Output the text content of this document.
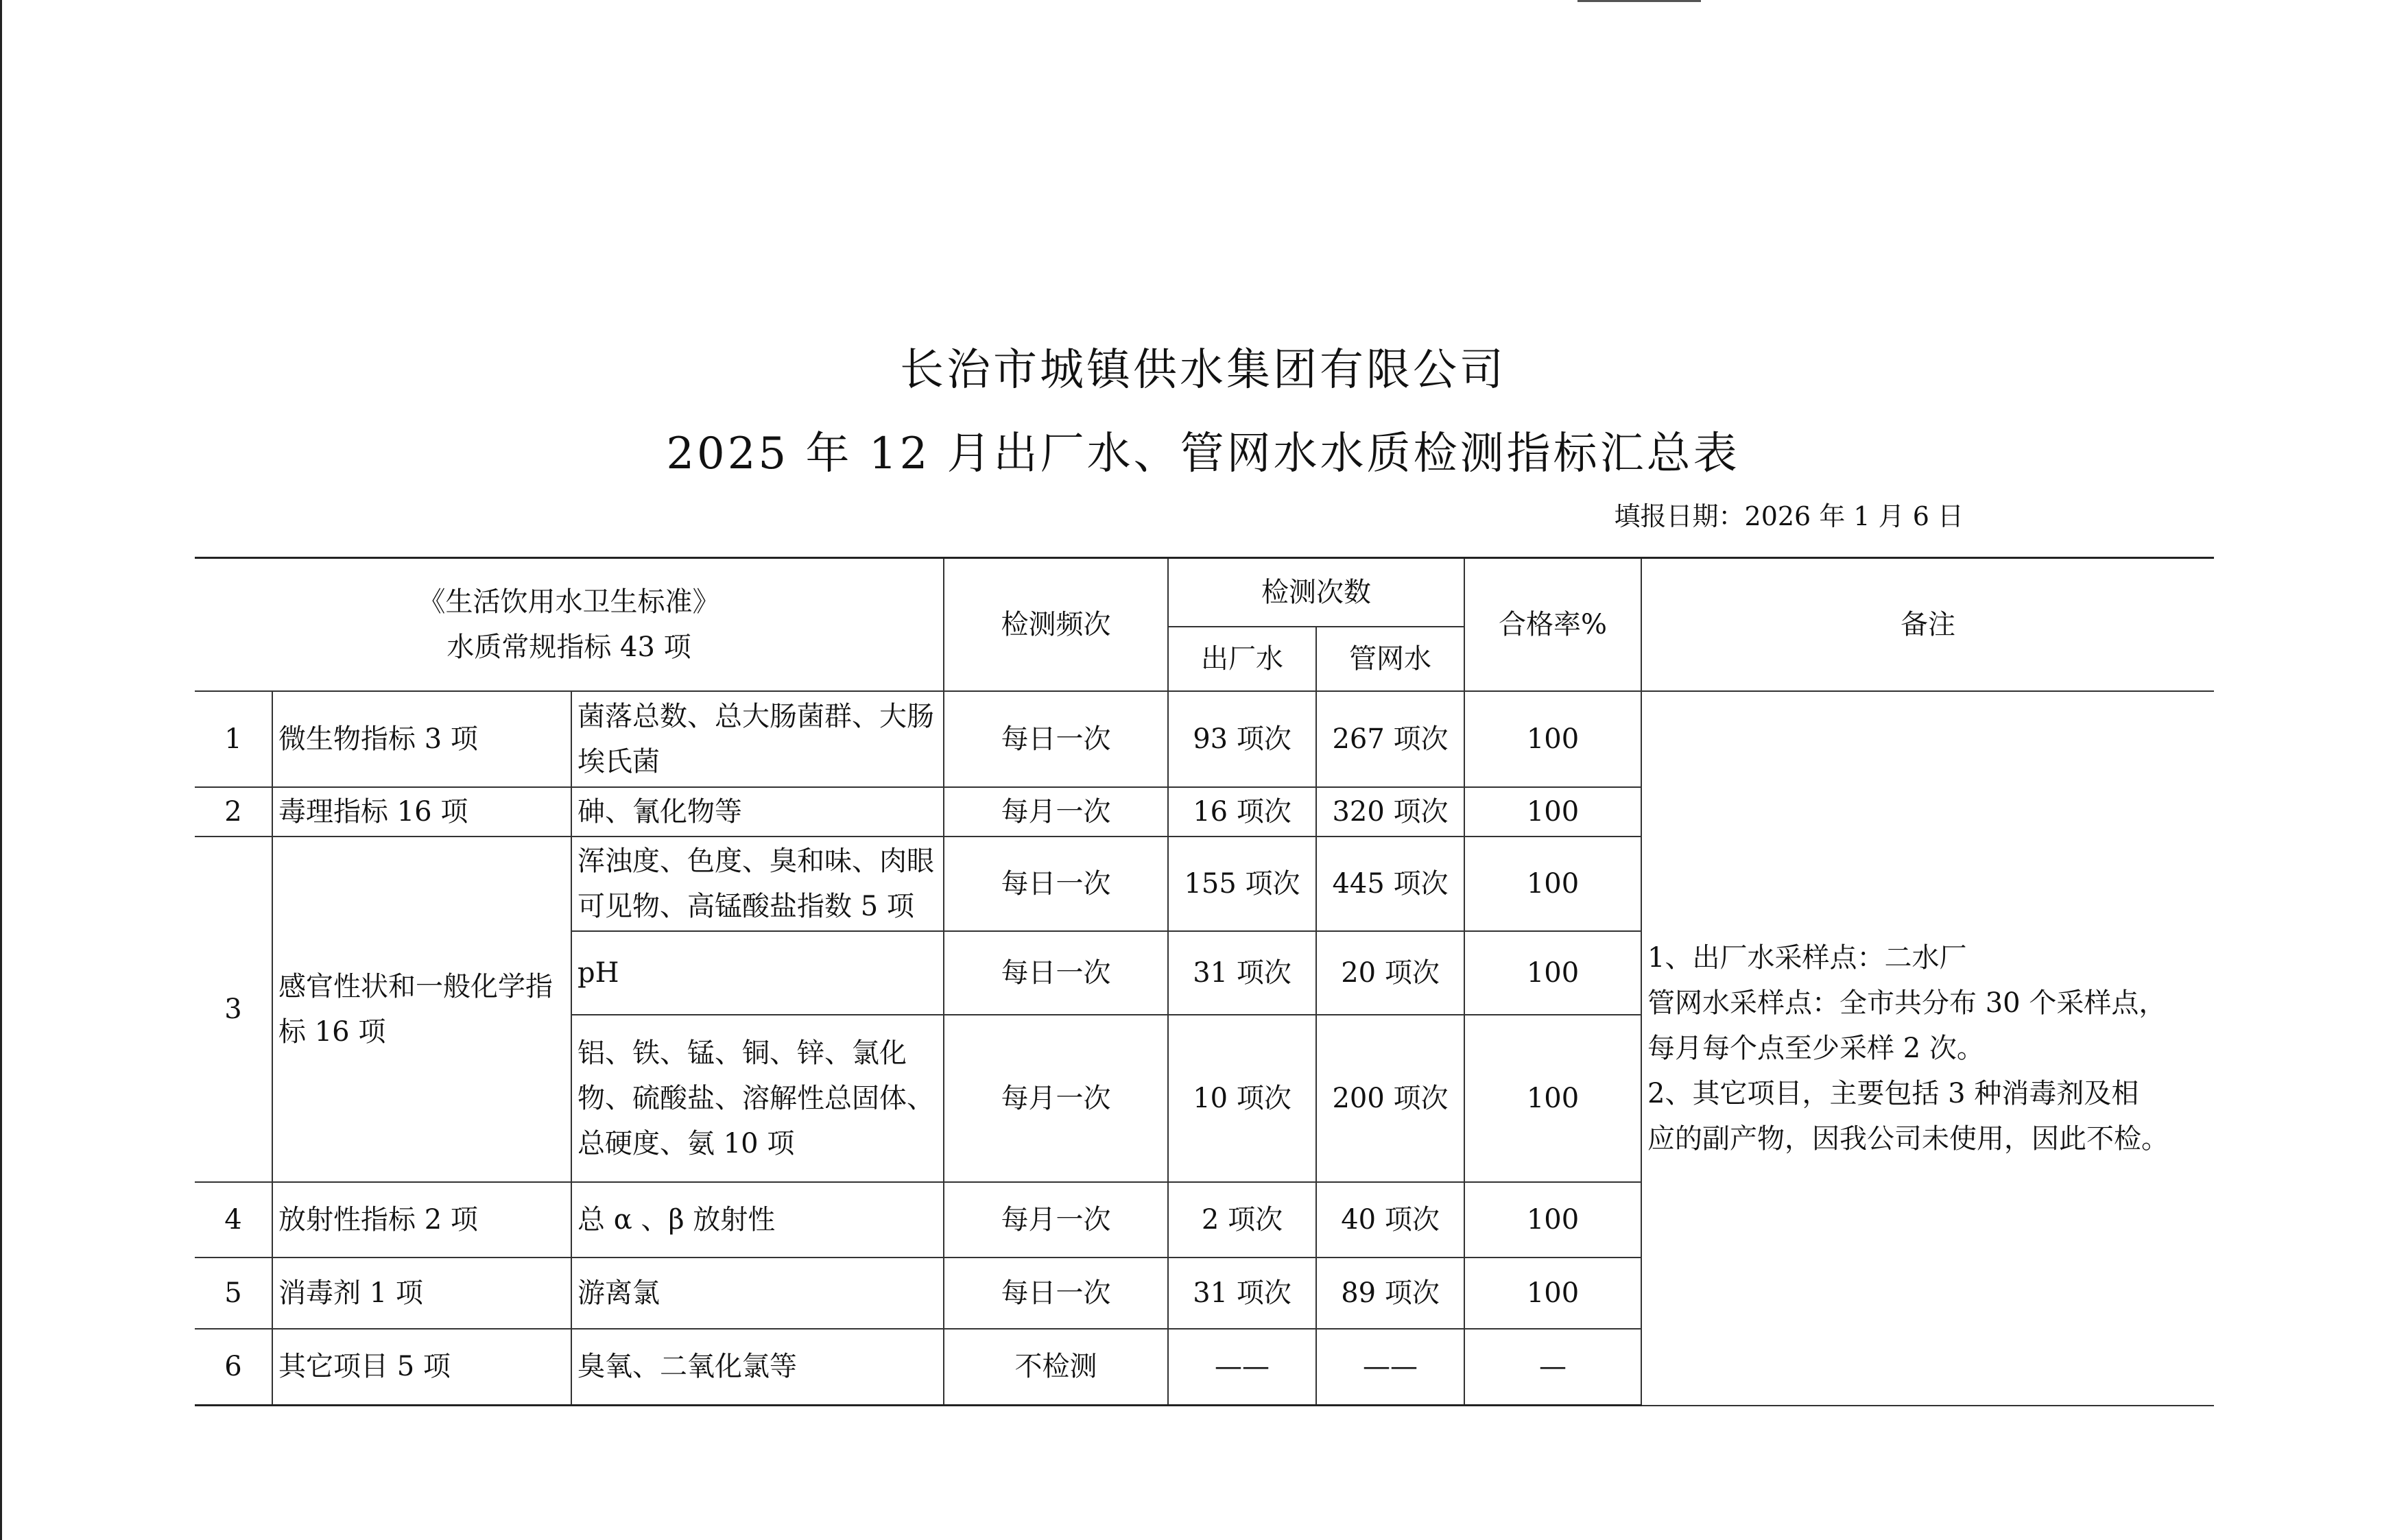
长治市城镇供水集团有限公司
2025 年 12 月出厂水、管网水水质检测指标汇总表
填报日期：2026 年 1 月 6 日
《生活饮用水卫生标准》
水质常规指标 43 项			检测频次	检测次数		合格率%	备注
				出厂水	管网水		
1	微生物指标 3 项	菌落总数、总大肠菌群、大肠埃氏菌	每日一次	93 项次	267 项次	100	1、出厂水采样点：二水厂
管网水采样点：全市共分布 30 个采样点，
每月每个点至少采样 2 次。
2、其它项目，主要包括 3 种消毒剂及相
应的副产物，因我公司未使用，因此不检。

2	毒理指标 16 项	砷、氰化物等	每月一次	16 项次	320 项次	100	
3	感官性状和一般化学指标 16 项	浑浊度、色度、臭和味、肉眼可见物、高锰酸盐指数 5 项	每日一次	155 项次	445 项次	100	
		pH	每日一次	31 项次	20 项次	100	
		铝、铁、锰、铜、锌、氯化物、硫酸盐、溶解性总固体、总硬度、氨 10 项	每月一次	10 项次	200 项次	100	
4	放射性指标 2 项	总 α 、β 放射性	每月一次	2 项次	40 项次	100	
5	消毒剂 1 项	游离氯	每日一次	31 项次	89 项次	100	
6	其它项目 5 项	臭氧、二氧化氯等	不检测	——	——	—	
